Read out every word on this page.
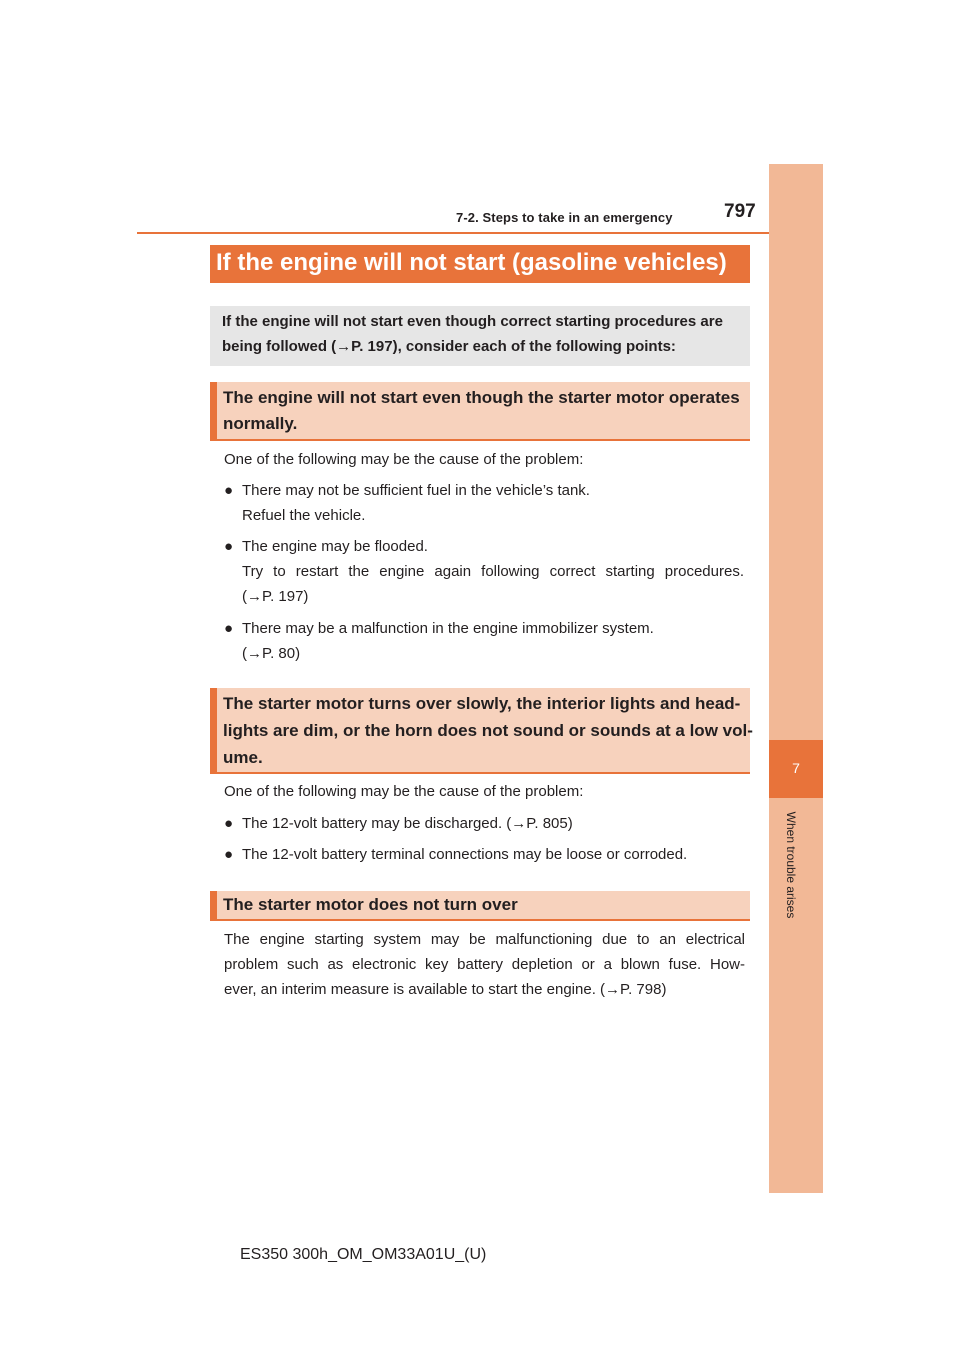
7-2. Steps to take in an emergency	797
7
When trouble arises
If the engine will not start (gasoline vehicles)
If the engine will not start even though correct starting procedures are
being followed (→P. 197), consider each of the following points:
The engine will not start even though the starter motor operates
normally.
One of the following may be the cause of the problem:
● There may not be sufficient fuel in the vehicle’s tank.
Refuel the vehicle.
● The engine may be flooded.
Try to restart the engine again following correct starting procedures.
(→P. 197)
● There may be a malfunction in the engine immobilizer system.
(→P. 80)
The starter motor turns over slowly, the interior lights and head-
lights are dim, or the horn does not sound or sounds at a low vol-
ume.
One of the following may be the cause of the problem:
● The 12-volt battery may be discharged. (→P. 805)
● The 12-volt battery terminal connections may be loose or corroded.
The starter motor does not turn over
The engine starting system may be malfunctioning due to an electrical
problem such as electronic key battery depletion or a blown fuse. How-
ever, an interim measure is available to start the engine. (→P. 798)
ES350 300h_OM_OM33A01U_(U)
